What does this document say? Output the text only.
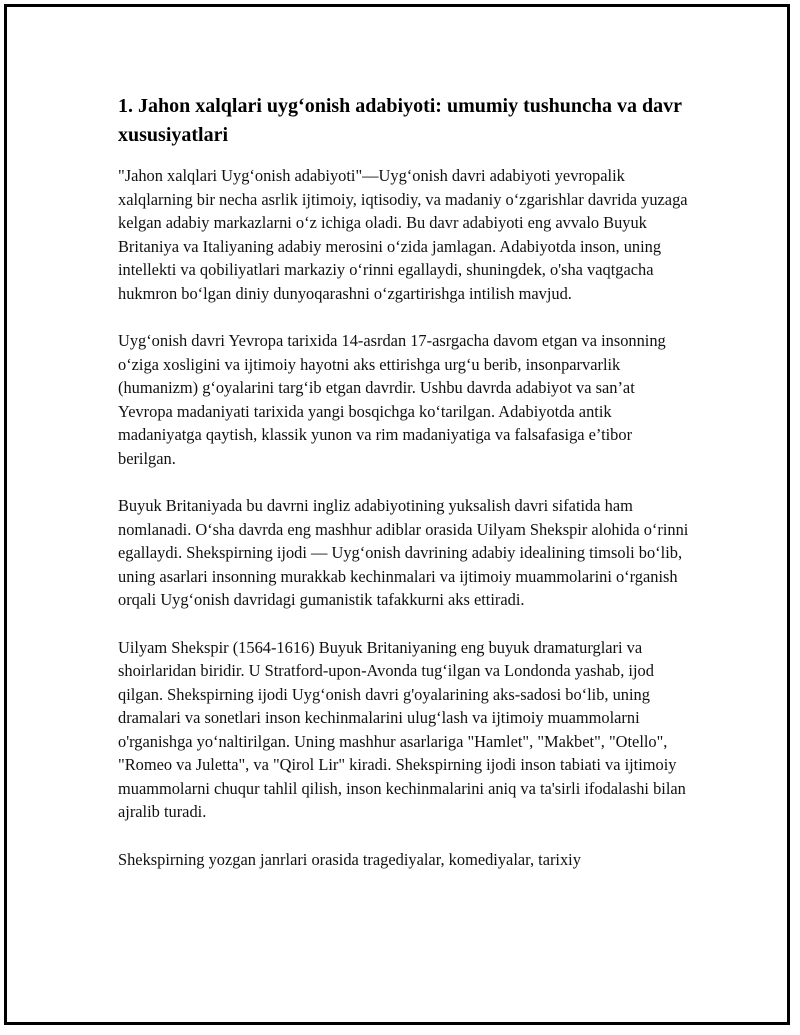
1. Jahon xalqlari uyg‘onish adabiyoti: umumiy tushuncha va davr xususiyatlari

"Jahon xalqlari Uyg‘onish adabiyoti"—Uyg‘onish davri adabiyoti yevropalik xalqlarning bir necha asrlik ijtimoiy, iqtisodiy, va madaniy o‘zgarishlar davrida yuzaga kelgan adabiy markazlarni o‘z ichiga oladi. Bu davr adabiyoti eng avvalo Buyuk Britaniya va Italiyaning adabiy merosini o‘zida jamlagan. Adabiyotda inson, uning intellekti va qobiliyatlari markaziy o‘rinni egallaydi, shuningdek, o'sha vaqtgacha hukmron bo‘lgan diniy dunyoqarashni o‘zgartirishga intilish mavjud.

Uyg‘onish davri Yevropa tarixida 14-asrdan 17-asrgacha davom etgan va insonning o‘ziga xosligini va ijtimoiy hayotni aks ettirishga urg‘u berib, insonparvarlik (humanizm) g‘oyalarini targ‘ib etgan davrdir. Ushbu davrda adabiyot va san’at Yevropa madaniyati tarixida yangi bosqichga ko‘tarilgan. Adabiyotda antik madaniyatga qaytish, klassik yunon va rim madaniyatiga va falsafasiga e’tibor berilgan.

Buyuk Britaniyada bu davrni ingliz adabiyotining yuksalish davri sifatida ham nomlanadi. O‘sha davrda eng mashhur adiblar orasida Uilyam Shekspir alohida o‘rinni egallaydi. Shekspirning ijodi — Uyg‘onish davrining adabiy idealining timsoli bo‘lib, uning asarlari insonning murakkab kechinmalari va ijtimoiy muammolarini o‘rganish orqali Uyg‘onish davridagi gumanistik tafakkurni aks ettiradi.

Uilyam Shekspir (1564-1616) Buyuk Britaniyaning eng buyuk dramaturglari va shoirlaridan biridir. U Stratford-upon-Avonda tug‘ilgan va Londonda yashab, ijod qilgan. Shekspirning ijodi Uyg‘onish davri g'oyalarining aks-sadosi bo‘lib, uning dramalari va sonetlari inson kechinmalarini ulug‘lash va ijtimoiy muammolarni o'rganishga yo‘naltirilgan. Uning mashhur asarlariga "Hamlet", "Makbet", "Otello", "Romeo va Juletta", va "Qirol Lir" kiradi. Shekspirning ijodi inson tabiati va ijtimoiy muammolarni chuqur tahlil qilish, inson kechinmalarini aniq va ta'sirli ifodalashi bilan ajralib turadi.

Shekspirning yozgan janrlari orasida tragediyalar, komediyalar, tarixiy
